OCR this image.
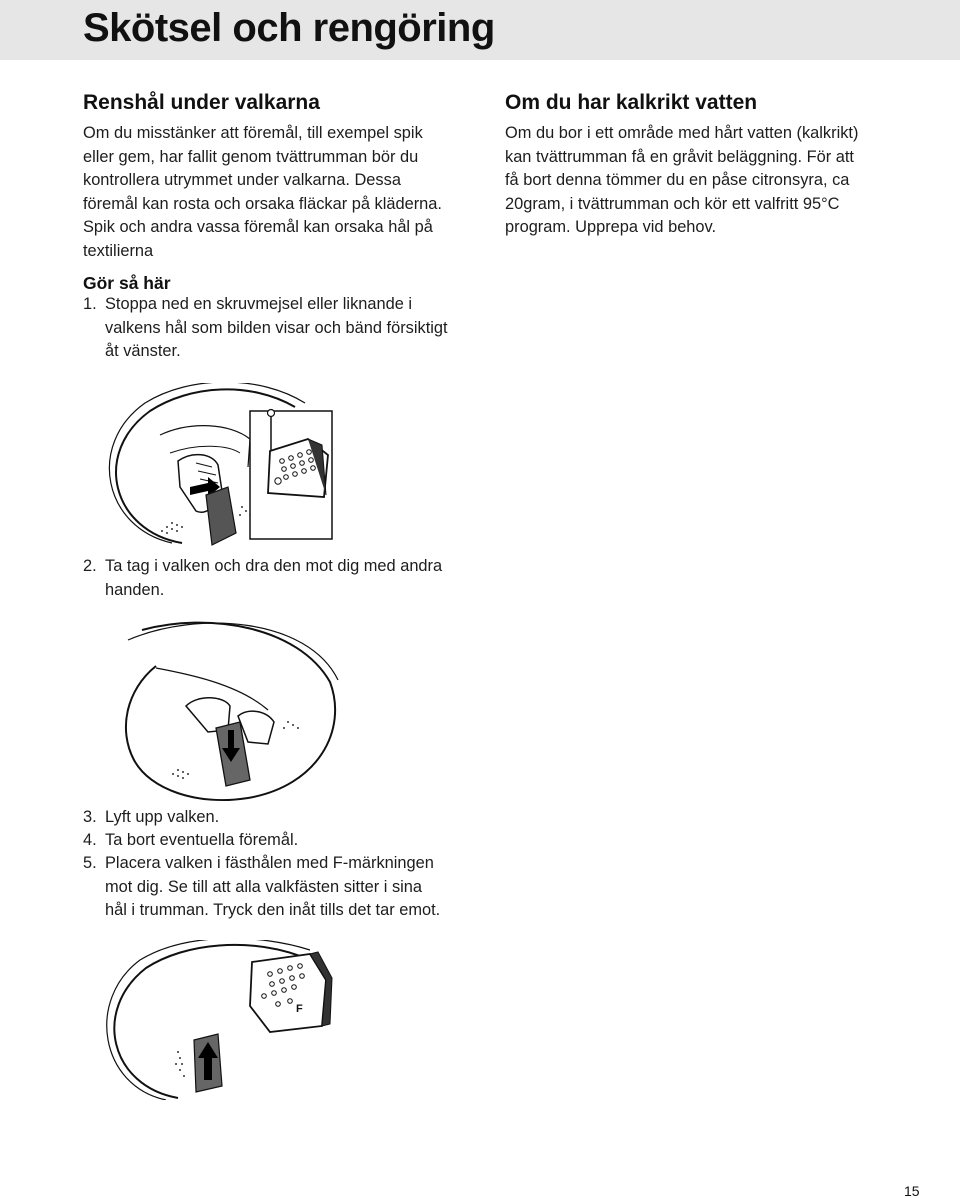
Skötsel och rengöring
Renshål under valkarna
Om du misstänker att föremål, till exempel spik
eller gem, har fallit genom tvättrumman bör du
kontrollera utrymmet under valkarna. Dessa
föremål kan rosta och orsaka fläckar på kläderna.
Spik och andra vassa föremål kan orsaka hål på
textilierna
Gör så här
1. Stoppa ned en skruvmejsel eller liknande i
valkens hål som bilden visar och bänd försiktigt
åt vänster.
2. Ta tag i valken och dra den mot dig med andra
handen.
3. Lyft upp valken.
4. Ta bort eventuella föremål.
5. Placera valken i fästhålen med F-märkningen
mot dig. Se till att alla valkfästen sitter i sina
hål i trumman. Tryck den inåt tills det tar emot.
F
Om du har kalkrikt vatten
Om du bor i ett område med hårt vatten (kalkrikt)
kan tvättrumman få en gråvit beläggning. För att
få bort denna tömmer du en påse citronsyra, ca
20gram, i tvättrumman och kör ett valfritt 95°C
program. Upprepa vid behov.
15
